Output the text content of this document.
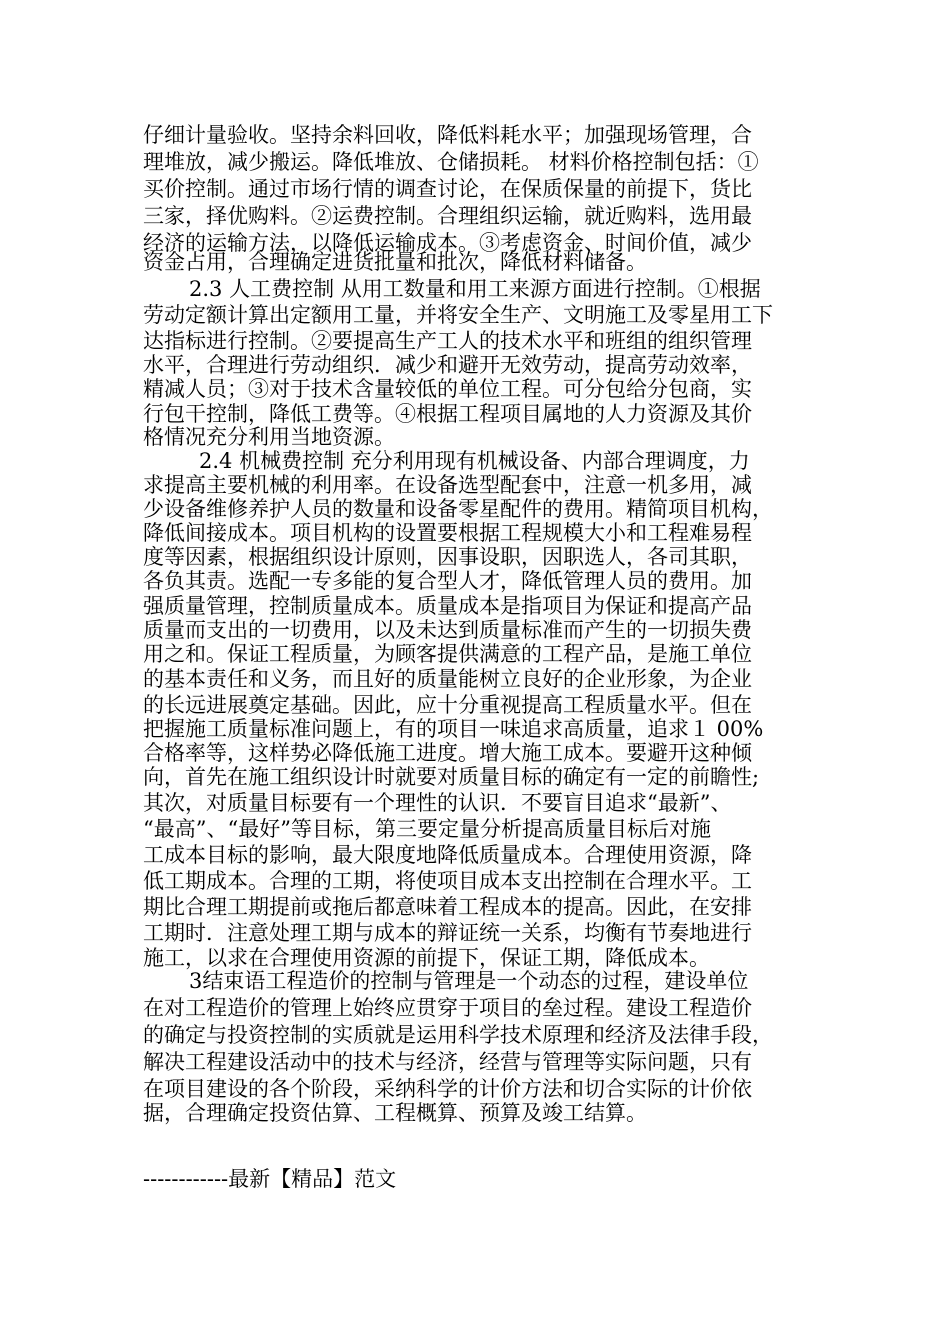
仔细计量验收。坚持余料回收，降低料耗水平；加强现场管理，合
理堆放，减少搬运。降低堆放、仓储损耗。 材料价格控制包括：①
买价控制。通过市场行情的调查讨论，在保质保量的前提下，货比
三家，择优购料。②运费控制。合理组织运输，就近购料，选用最
经济的运输方法，以降低运输成本。③考虑资金、时间价值，减少
资金占用，合理确定进货批量和批次，降低材料储备。
2.3 人工费控制 从用工数量和用工来源方面进行控制。①根据
劳动定额计算出定额用工量，并将安全生产、文明施工及零星用工下
达指标进行控制。②要提高生产工人的技术水平和班组的组织管理
水平，合理进行劳动组织．减少和避开无效劳动，提高劳动效率，
精减人员；③对于技术含量较低的单位工程。可分包给分包商，实
行包干控制，降低工费等。④根据工程项目属地的人力资源及其价
格情况充分利用当地资源。
2.4 机械费控制 充分利用现有机械设备、内部合理调度，力
求提高主要机械的利用率。在设备选型配套中，注意一机多用，减
少设备维修养护人员的数量和设备零星配件的费用。精简项目机构，
降低间接成本。项目机构的设置要根据工程规模大小和工程难易程
度等因素，根据组织设计原则，因事设职，因职选人，各司其职，
各负其责。选配一专多能的复合型人才，降低管理人员的费用。加
强质量管理，控制质量成本。质量成本是指项目为保证和提高产品
质量而支出的一切费用，以及未达到质量标准而产生的一切损失费
用之和。保证工程质量，为顾客提供满意的工程产品，是施工单位
的基本责任和义务，而且好的质量能树立良好的企业形象，为企业
的长远进展奠定基础。因此，应十分重视提高工程质量水平。但在
把握施工质量标准问题上，有的项目一味追求高质量，追求１ 00%
合格率等，这样势必降低施工进度。增大施工成本。要避开这种倾
向，首先在施工组织设计时就要对质量目标的确定有一定的前瞻性;
其次，对质量目标要有一个理性的认识．不要盲目追求“最新”、
“最高”、“最好”等目标，第三要定量分析提高质量目标后对施
工成本目标的影响，最大限度地降低质量成本。合理使用资源，降
低工期成本。合理的工期，将使项目成本支出控制在合理水平。工
期比合理工期提前或拖后都意味着工程成本的提高。因此，在安排
工期时．注意处理工期与成本的辩证统一关系，均衡有节奏地进行
施工，以求在合理使用资源的前提下，保证工期，降低成本。
3结束语工程造价的控制与管理是一个动态的过程，建设单位
在对工程造价的管理上始终应贯穿于项目的垒过程。建设工程造价
的确定与投资控制的实质就是运用科学技术原理和经济及法律手段，
解决工程建设活动中的技术与经济，经营与管理等实际问题，只有
在项目建设的各个阶段，采纳科学的计价方法和切合实际的计价依
据，合理确定投资估算、工程概算、预算及竣工结算。
------------最新【精品】范文
